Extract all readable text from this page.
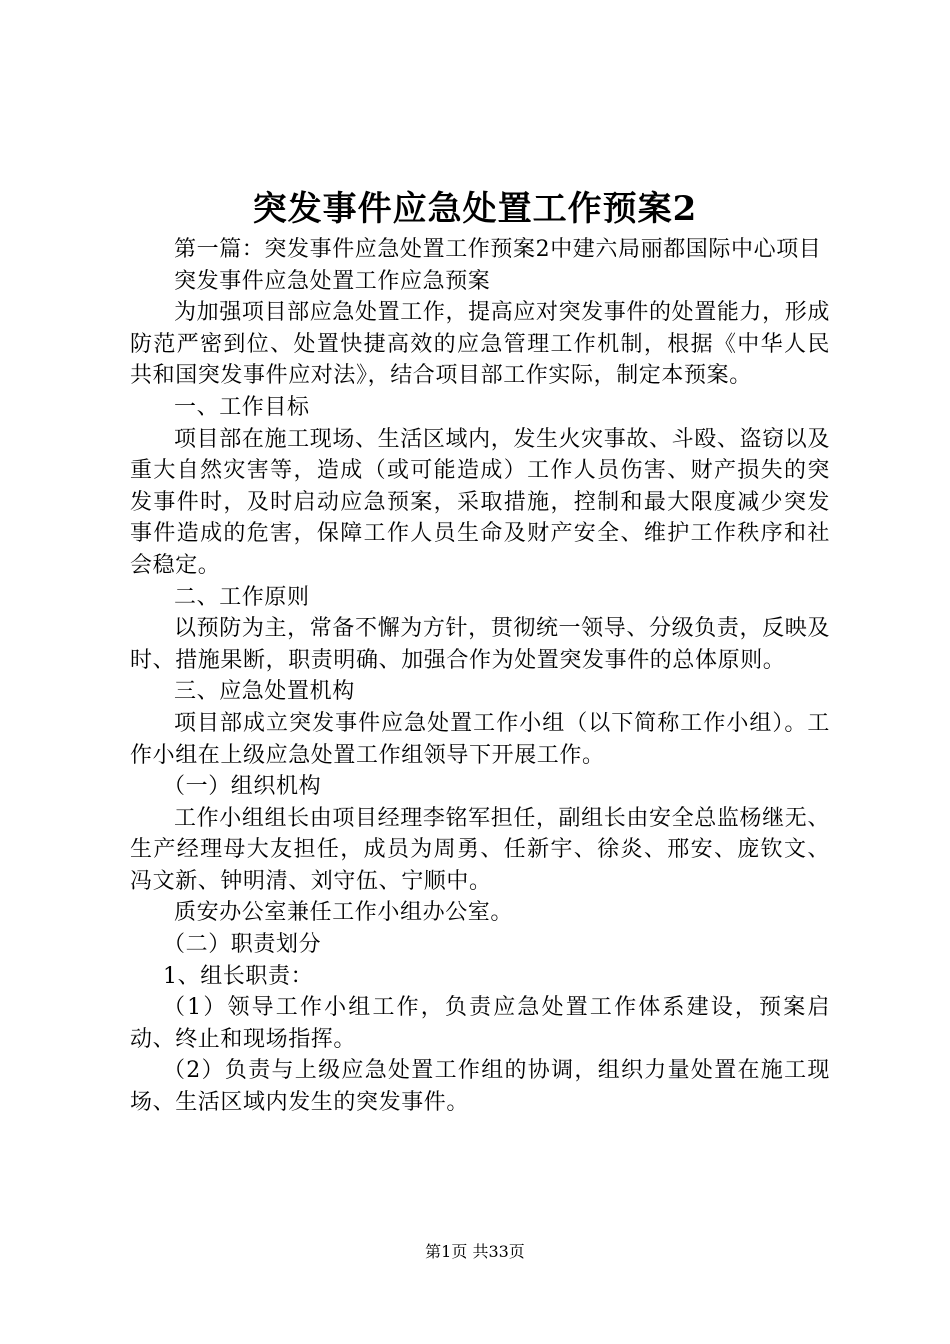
突发事件应急处置工作预案2

第一篇：突发事件应急处置工作预案2中建六局丽都国际中心项目

突发事件应急处置工作应急预案

为加强项目部应急处置工作，提高应对突发事件的处置能力，形成防范严密到位、处置快捷高效的应急管理工作机制，根据《中华人民共和国突发事件应对法》，结合项目部工作实际，制定本预案。

一、工作目标

项目部在施工现场、生活区域内，发生火灾事故、斗殴、盗窃以及重大自然灾害等，造成（或可能造成）工作人员伤害、财产损失的突发事件时，及时启动应急预案，采取措施，控制和最大限度减少突发事件造成的危害，保障工作人员生命及财产安全、维护工作秩序和社会稳定。

二、工作原则

以预防为主，常备不懈为方针，贯彻统一领导、分级负责，反映及时、措施果断，职责明确、加强合作为处置突发事件的总体原则。

三、应急处置机构

项目部成立突发事件应急处置工作小组（以下简称工作小组）。工作小组在上级应急处置工作组领导下开展工作。

（一）组织机构

工作小组组长由项目经理李铭军担任，副组长由安全总监杨继无、生产经理母大友担任，成员为周勇、任新宇、徐炎、邢安、庞钦文、冯文新、钟明清、刘守伍、宁顺中。

质安办公室兼任工作小组办公室。

（二）职责划分

1、组长职责：

（1）领导工作小组工作，负责应急处置工作体系建设，预案启动、终止和现场指挥。

（2）负责与上级应急处置工作组的协调，组织力量处置在施工现场、生活区域内发生的突发事件。

第1页 共33页
